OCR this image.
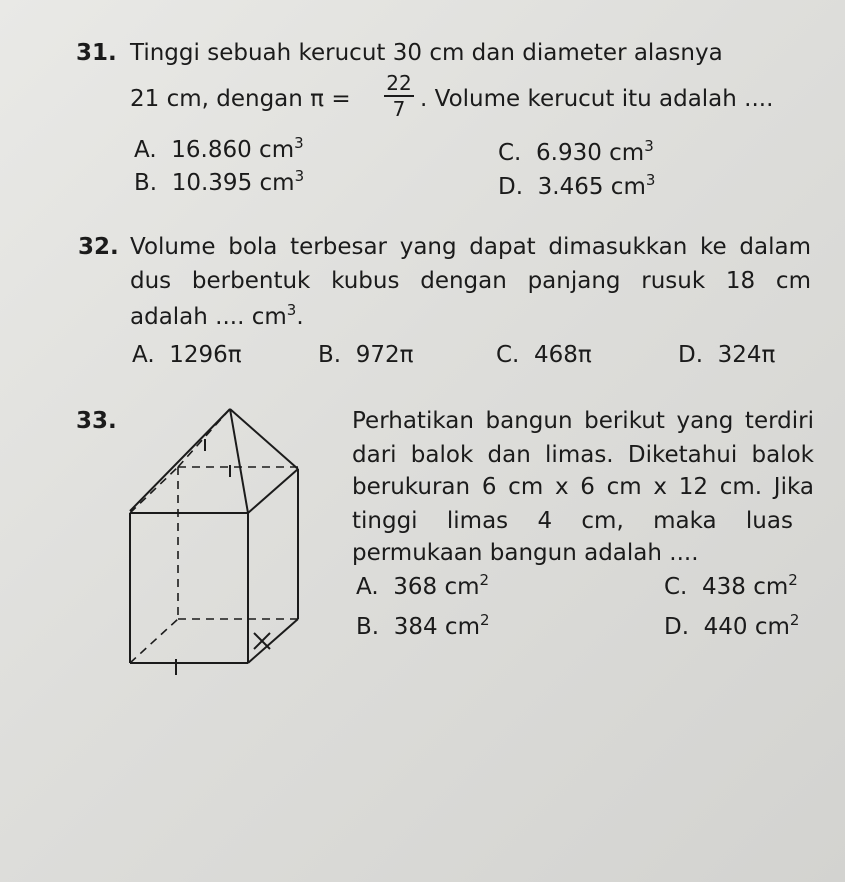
31. Tinggi sebuah kerucut 30 cm dan diameter alasnya
21 cm, dengan π =
22
7 . Volume kerucut itu adalah ....
A. 16.860 $cm^3$
B. 10.395 $cm^3$
C. 6.930 $cm^3$
D. 3.465 $cm^3$
32. Volume bola terbesar yang dapat dimasukkan ke dalam
dus berbentuk kubus dengan panjang rusuk 18 cm
adalah .... $cm^3$.
A. 1296π	B. 972π	C. 468π	D. 324π
33.	Perhatikan bangun berikut yang terdiri
dari balok dan limas. Diketahui balok
berukuran 6 cm x 6 cm x 12 cm. Jika
tinggi limas 4 cm, maka luas
permukaan bangun adalah ....
A. 368 $cm^2$
B. 384 $cm^2$
C. 438 $cm^2$
D. 440 $cm^2$
